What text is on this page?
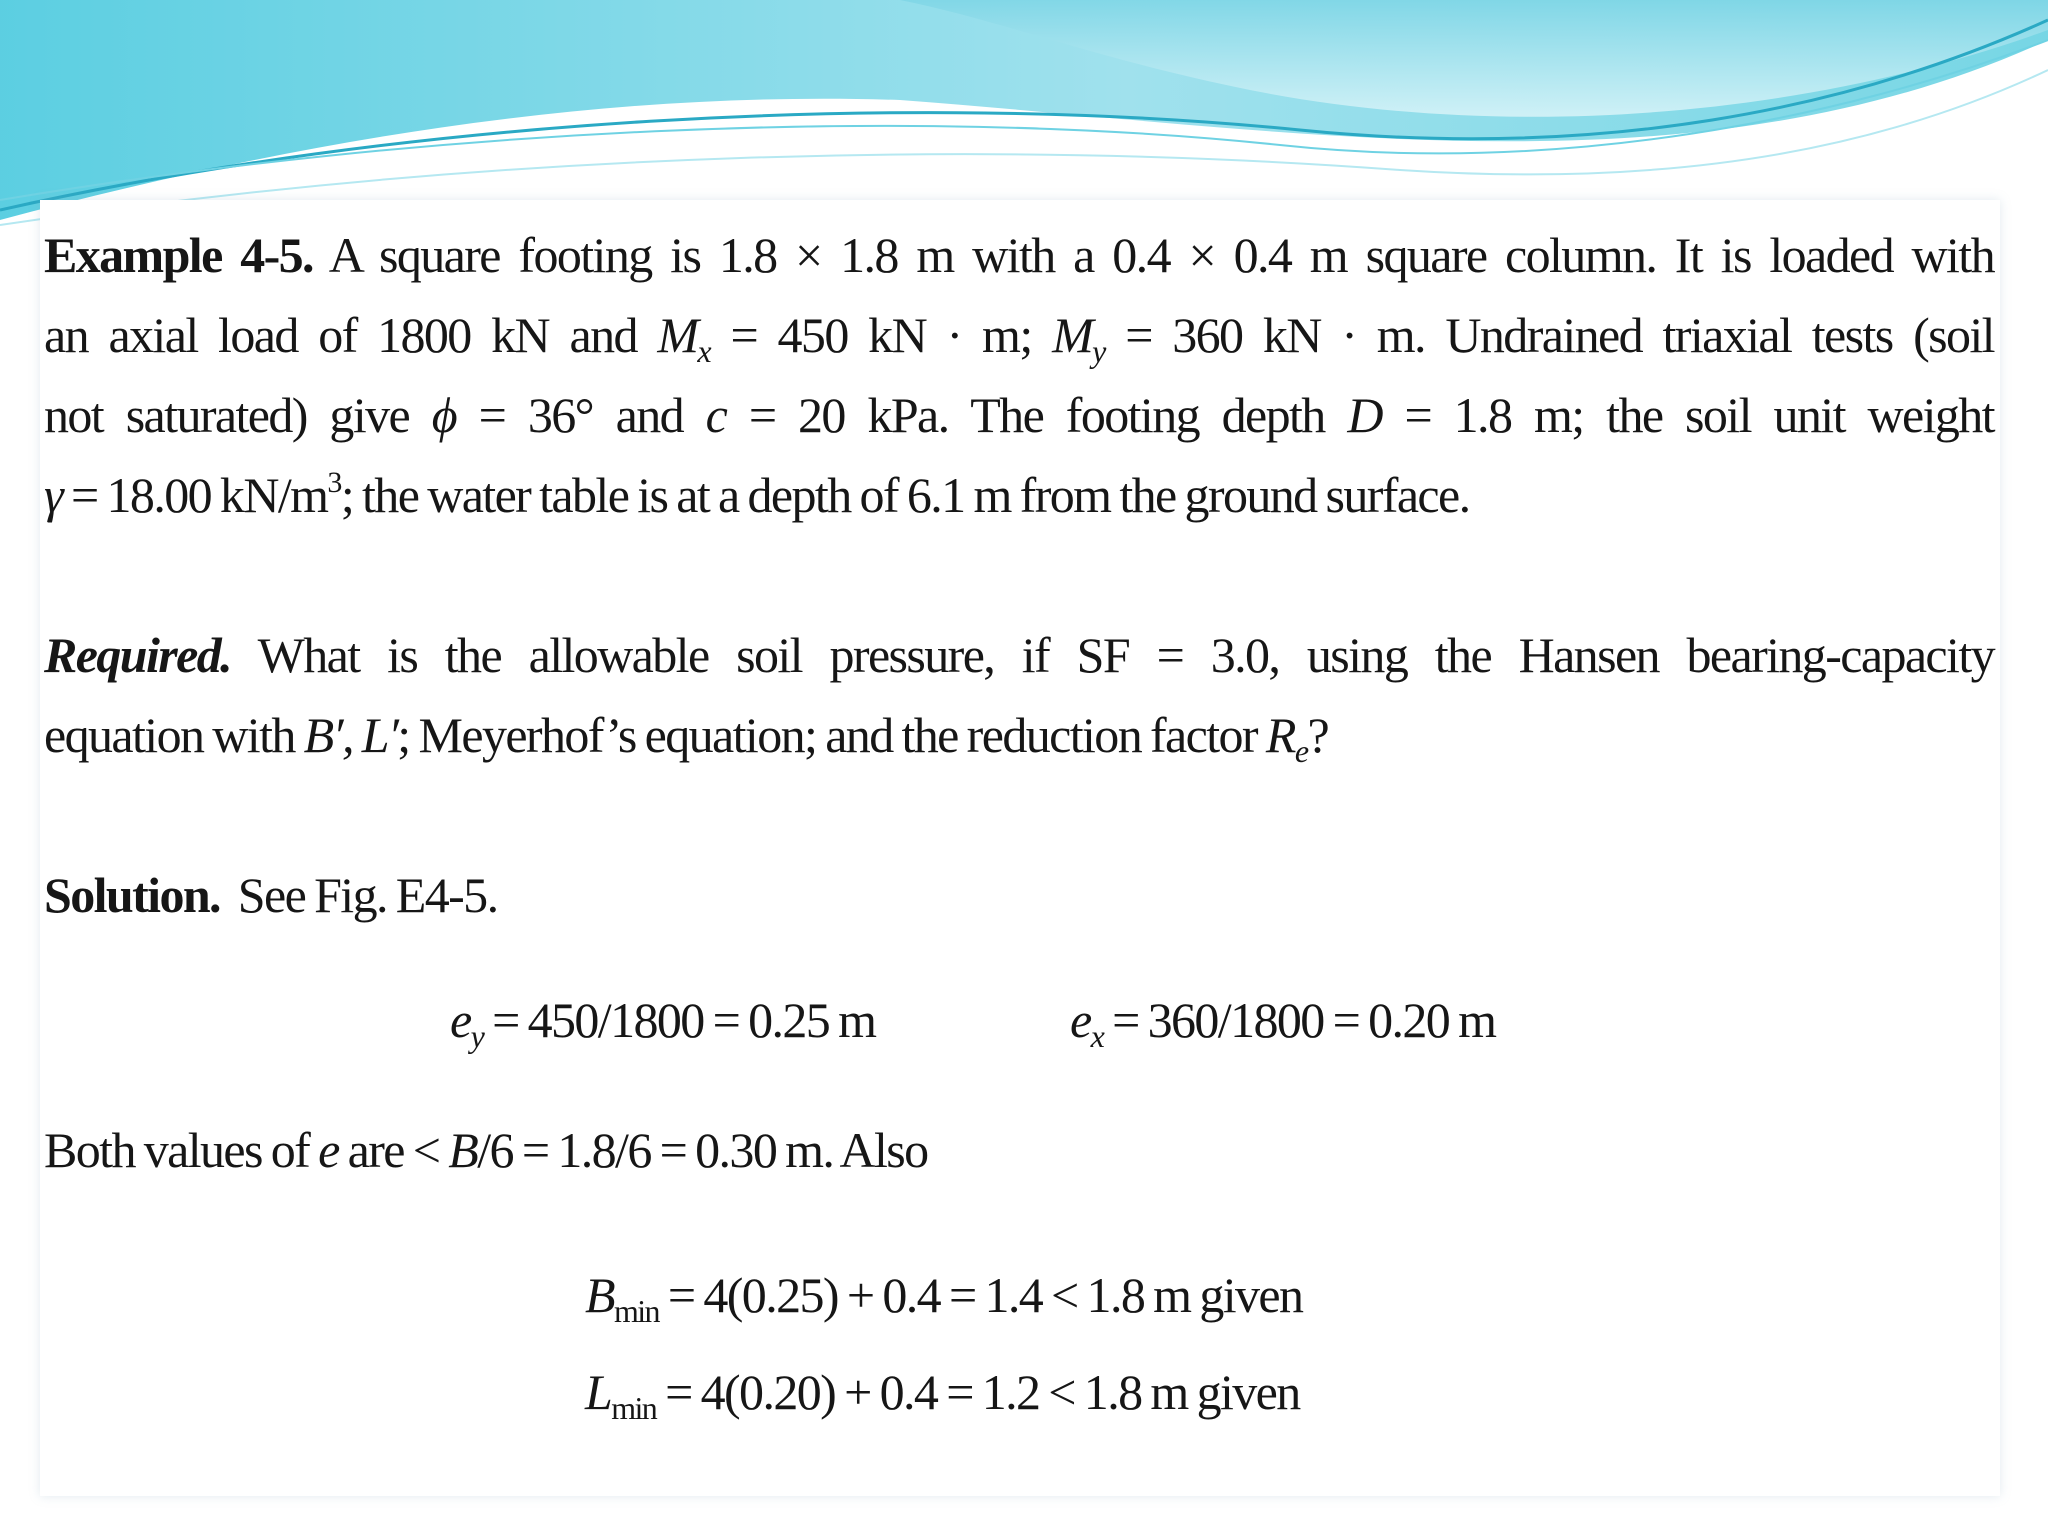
Example 4-5. A square footing is 1.8 × 1.8 m with a 0.4 × 0.4 m square column. It is loaded with
an axial load of 1800 kN and $M_x = 450$ kN · m; $M_y = 360$ kN · m. Undrained triaxial tests (soil
not saturated) give ϕ = 36° and c = 20 kPa. The footing depth D = 1.8 m; the soil unit weight
γ = 18.00 $kN/m^3$; the water table is at a depth of 6.1 m from the ground surface.
Required. What is the allowable soil pressure, if SF = 3.0, using the Hansen bearing-capacity
equation with B′, L′; Meyerhof’s equation; and the reduction factor $R_e$?
Solution. See Fig. E4-5.
$e_y = 450/1800 = 0.25$ m	$e_x = 360/1800 = 0.20$ m
Both values of e are < B/6 = 1.8/6 = 0.30 m. Also
$B_{min} = 4(0.25) + 0.4 = 1.4 < 1.8$ m given
$L_{min} = 4(0.20) + 0.4 = 1.2 < 1.8$ m given
